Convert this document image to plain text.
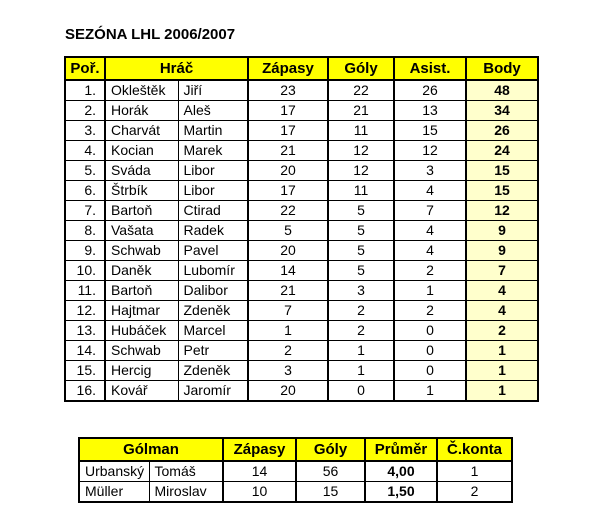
SEZÓNA LHL 2006/2007
Poř.	Hráč		Zápasy	Góly	Asist.	Body
1.	Okleštěk	Jiří	23	22	26	48
2.	Horák	Aleš	17	21	13	34
3.	Charvát	Martin	17	11	15	26
4.	Kocian	Marek	21	12	12	24
5.	Sváda	Libor	20	12	3	15
6.	Štrbík	Libor	17	11	4	15
7.	Bartoň	Ctirad	22	5	7	12
8.	Vašata	Radek	5	5	4	9
9.	Schwab	Pavel	20	5	4	9
10.	Daněk	Lubomír	14	5	2	7
11.	Bartoň	Dalibor	21	3	1	4
12.	Hajtmar	Zdeněk	7	2	2	4
13.	Hubáček	Marcel	1	2	0	2
14.	Schwab	Petr	2	1	0	1
15.	Hercig	Zdeněk	3	1	0	1
16.	Kovář	Jaromír	20	0	1	1
Gólman		Zápasy	Góly	Průměr	Č.konta
Urbanský	Tomáš	14	56	4,00	1
Müller	Miroslav	10	15	1,50	2
